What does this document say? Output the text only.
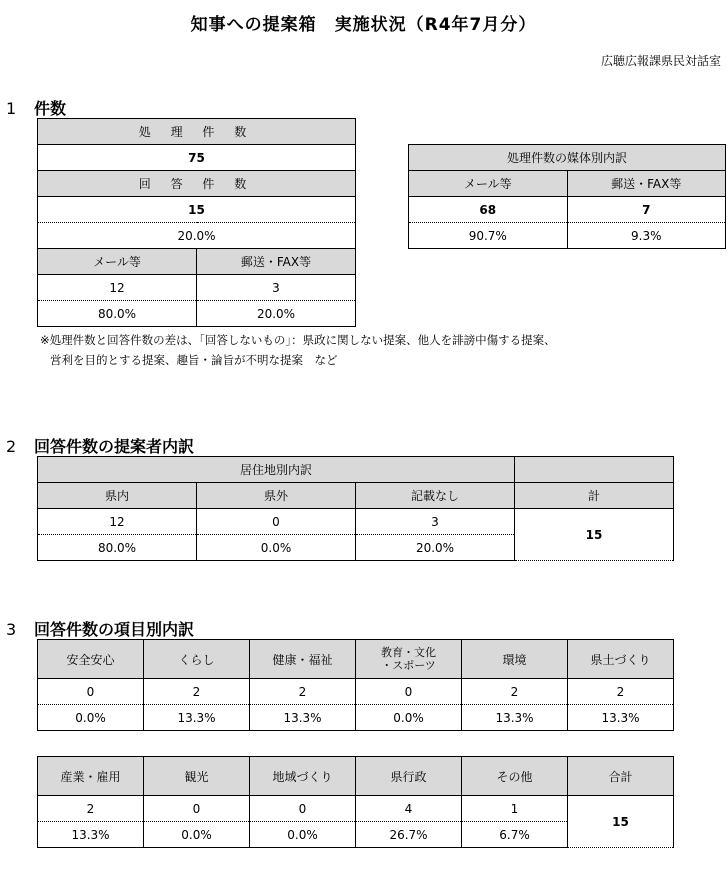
知事への提案箱　実施状況（R4年7月分）
広聴広報課県民対話室
1 件数
処 理 件 数	
75	
回 答 件 数	
15	
20.0%	
メール等	郵送・FAX等
12	3
80.0%	20.0%
処理件数の媒体別内訳	
メール等	郵送・FAX等
68	7
90.7%	9.3%
※処理件数と回答件数の差は、「回答しないもの」：県政に関しない提案、他人を誹謗中傷する提案、
営利を目的とする提案、趣旨・論旨が不明な提案　など
2 回答件数の提案者内訳
居住地別内訳			
県内	県外	記載なし	計
12	0	3	15
80.0%	0.0%	20.0%	
3 回答件数の項目別内訳
安全安心	くらし	健康・福祉	教育・文化
・スポーツ	環境	県土づくり
0	2	2	0	2	2
0.0%	13.3%	13.3%	0.0%	13.3%	13.3%
産業・雇用	観光	地域づくり	県行政	その他	合計
2	0	0	4	1	15
13.3%	0.0%	0.0%	26.7%	6.7%	
